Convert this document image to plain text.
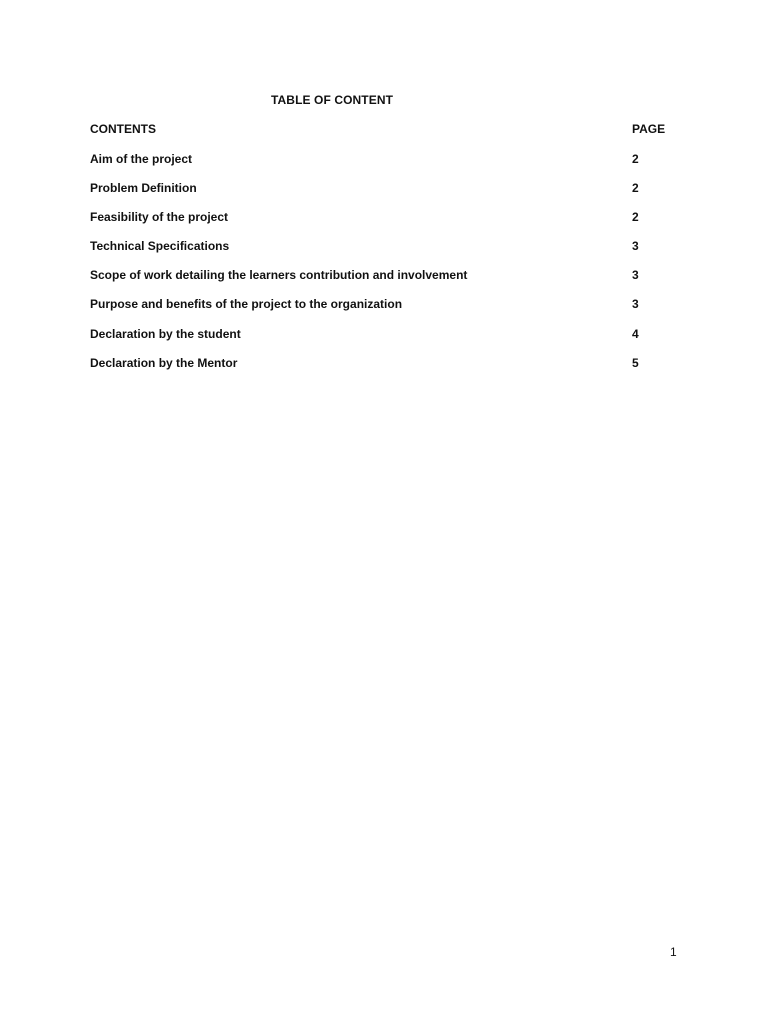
TABLE OF CONTENT
CONTENTS	PAGE
Aim of the project	2
Problem Definition	2
Feasibility of the project	2
Technical Specifications	3
Scope of work detailing the learners contribution and involvement	3
Purpose and benefits of the project to the organization	3
Declaration by the student	4
Declaration by the Mentor	5
1
